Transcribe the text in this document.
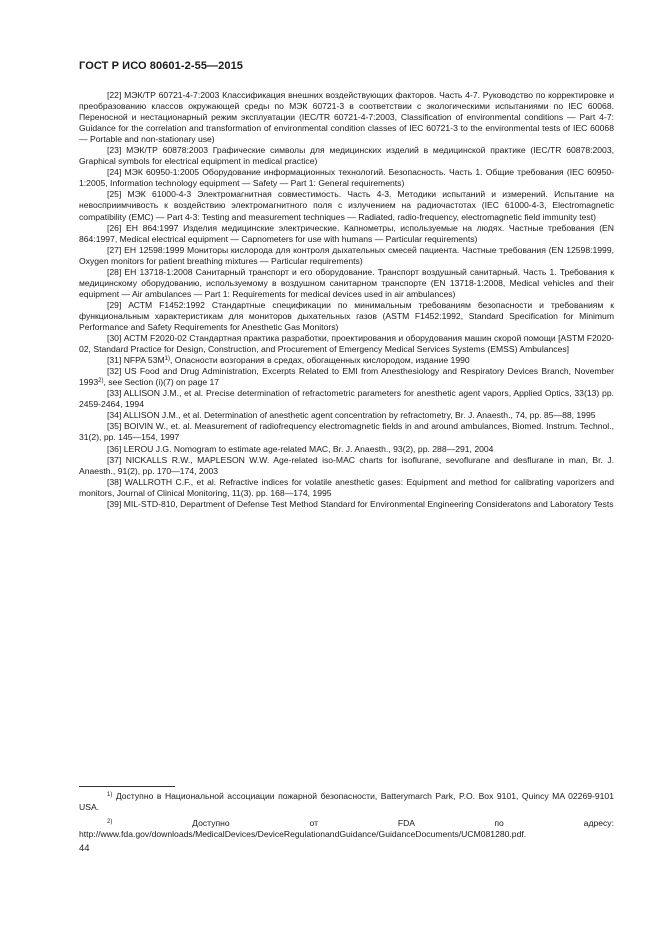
ГОСТ Р ИСО 80601-2-55—2015

[22] МЭК/ТР 60721-4-7:2003 Классификация внешних воздействующих факторов. Часть 4-7. Руководство по корректировке и преобразованию классов окружающей среды по МЭК 60721-3 в соответствии с экологическими испытаниями по IEC 60068. Переносной и нестационарный режим эксплуатации (IEC/TR 60721-4-7:2003, Classification of environmental conditions — Part 4-7: Guidance for the correlation and transformation of environmental condition classes of IEC 60721-3 to the environmental tests of IEC 60068 — Portable and non-stationary use)

[23] МЭК/ТР 60878:2003 Графические символы для медицинских изделий в медицинской практике (IEC/TR 60878:2003, Graphical symbols for electrical equipment in medical practice)

[24] МЭК 60950-1:2005 Оборудование информационных технологий. Безопасность. Часть 1. Общие требования (IEC 60950-1:2005, Information technology equipment — Safety — Part 1: General requirements)

[25] МЭК 61000-4-3 Электромагнитная совместимость. Часть 4-3. Методики испытаний и измерений. Испытание на невосприимчивость к воздействию электромагнитного поля с излучением на радиочастотах (IEC 61000-4-3, Electromagnetic compatibility (EMC) — Part 4-3: Testing and measurement techniques — Radiated, radio-frequency, electromagnetic field immunity test)

[26] ЕН 864:1997 Изделия медицинские электрические. Капнометры, используемые на людях. Частные требования (EN 864:1997, Medical electrical equipment — Capnometers for use with humans — Particular requirements)

[27] ЕН 12598:1999 Мониторы кислорода для контроля дыхательных смесей пациента. Частные требования (EN 12598:1999, Oxygen monitors for patient breathing mixtures — Particular requirements)

[28] ЕН 13718-1:2008 Санитарный транспорт и его оборудование. Транспорт воздушный санитарный. Часть 1. Требования к медицинскому оборудованию, используемому в воздушном санитарном транспорте (EN 13718-1:2008, Medical vehicles and their equipment — Air ambulances — Part 1: Requirements for medical devices used in air ambulances)

[29] АСТМ F1452:1992 Стандартные спецификации по минимальным требованиям безопасности и требованиям к функциональным характеристикам для мониторов дыхательных газов (ASTM F1452:1992, Standard Specification for Minimum Performance and Safety Requirements for Anesthetic Gas Monitors)

[30] АСТМ F2020-02 Стандартная практика разработки, проектирования и оборудования машин скорой помощи [ASTM F2020-02, Standard Practice for Design, Construction, and Procurement of Emergency Medical Services Systems (EMSS) Ambulances]

[31] NFPA $53M^{1)}$, Опасности возгорания в средах, обогащенных кислородом, издание 1990

[32] US Food and Drug Administration, Excerpts Related to EMI from Anesthesiology and Respiratory Devices Branch, November 1993$^{2)}$, see Section (i)(7) on page 17

[33] ALLISON J.M., et al. Precise determination of refractometric parameters for anesthetic agent vapors, Applied Optics, 33(13) pp. 2459-2464, 1994

[34] ALLISON J.M., et al. Determination of anesthetic agent concentration by refractometry, Br. J. Anaesth., 74, pp. 85—88, 1995

[35] BOIVIN W., et. al. Measurement of radiofrequency electromagnetic fields in and around ambulances, Biomed. Instrum. Technol., 31(2), pp. 145—154, 1997

[36] LEROU J.G. Nomogram to estimate age-related MAC, Br. J. Anaesth., 93(2), pp. 288—291, 2004

[37] NICKALLS R.W., MAPLESON W.W. Age-related iso-MAC charts for isoflurane, sevoflurane and desflurane in man, Br. J. Anaesth., 91(2), pp. 170—174, 2003

[38] WALLROTH C.F., et al. Refractive indices for volatile anesthetic gases: Equipment and method for calibrating vaporizers and monitors, Journal of Clinical Monitoring, 11(3). pp. 168—174, 1995

[39] MIL-STD-810, Department of Defense Test Method Standard for Environmental Engineering Consideratons and Laboratory Tests

$^{1)}$ Доступно в Национальной ассоциации пожарной безопасности, Batterymarch Park, P.O. Box 9101, Quincy MA 02269-9101 USA.

$^{2)}$ Доступно от FDA по адресу: http://www.fda.gov/downloads/MedicalDevices/DeviceRegulationandGuidance/GuidanceDocuments/UCM081280.pdf.

44
